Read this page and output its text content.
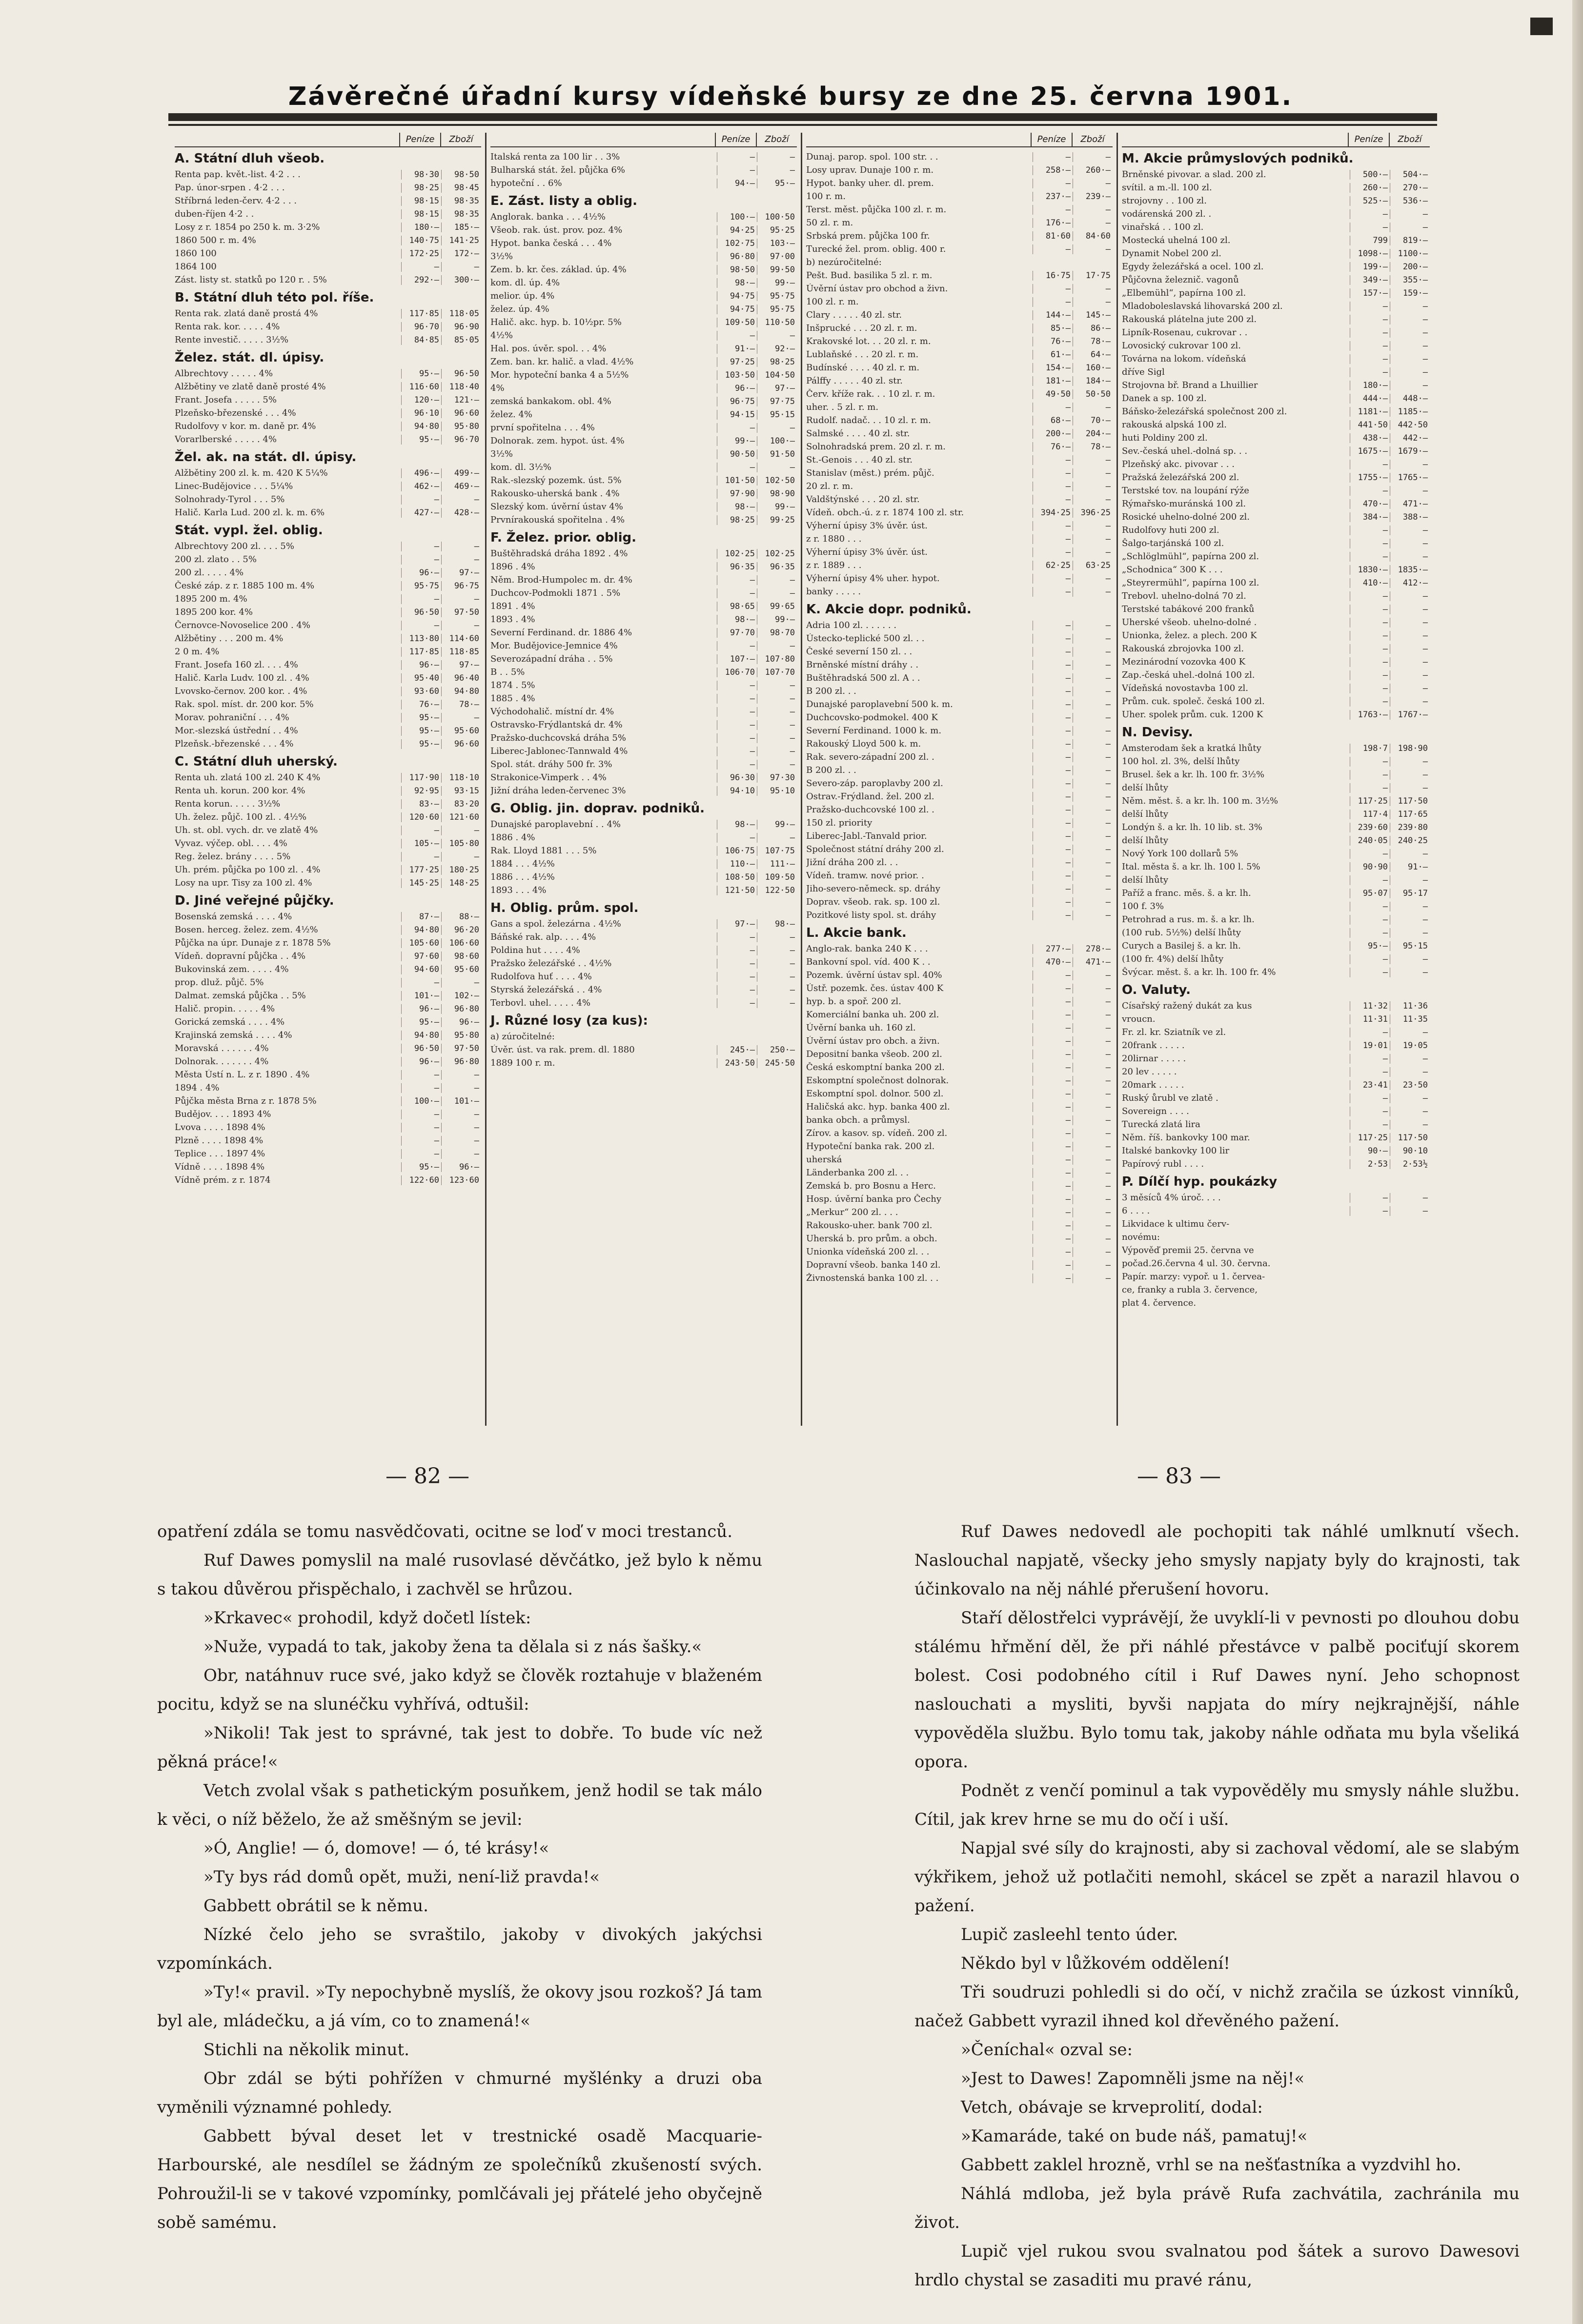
Závěrečné úřadní kursy vídeňské bursy ze dne 25. června 1901.
Peníze	Zboží
A. Státní dluh všeob.
Renta pap. květ.-list. 4·2 . . .	98·30	98·50
Pap. únor-srpen . 4·2 . . .	98·25	98·45
Stříbrná leden-červ. 4·2 . . .	98·15	98·35
duben-říjen 4·2 . .	98·15	98·35
Losy z r. 1854 po 250 k. m. 3·2%	180·—	185·—
1860 500 r. m. 4%	140·75	141·25
1860 100	172·25	172·—
1864 100	—	—
Zást. listy st. statků po 120 r. . 5%	292·—	300·—
B. Státní dluh této pol. říše.
Renta rak. zlatá daně prostá 4%	117·85	118·05
Renta rak. kor. . . . . 4%	96·70	96·90
Rente investič. . . . . 3½%	84·85	85·05
Želez. stát. dl. úpisy.
Albrechtovy . . . . . 4%	95·—	96·50
Alžbětiny ve zlatě daně prosté 4%	116·60	118·40
Frant. Josefa . . . . . 5%	120·—	121·—
Plzeňsko-březenské . . . 4%	96·10	96·60
Rudolfovy v kor. m. daně pr. 4%	94·80	95·80
Vorarlberské . . . . . 4%	95·—	96·70
Žel. ak. na stát. dl. úpisy.
Alžbětiny 200 zl. k. m. 420 K 5¼%	496·—	499·—
Linec-Budějovice . . . 5¼%	462·—	469·—
Solnohrady-Tyrol . . . 5%	—	—
Halič. Karla Lud. 200 zl. k. m. 6%	427·—	428·—
Stát. vypl. žel. oblig.
Albrechtovy 200 zl. . . . 5%	—	—
200 zl. zlato . . 5%	—	—
200 zl. . . . . 4%	96·—	97·—
České záp. z r. 1885 100 m. 4%	95·75	96·75
1895 200 m. 4%	—	—
1895 200 kor. 4%	96·50	97·50
Černovce-Novoselice 200 . 4%	—	—
Alžbětiny . . . 200 m. 4%	113·80	114·60
2 0 m. 4%	117·85	118·85
Frant. Josefa 160 zl. . . . 4%	96·—	97·—
Halič. Karla Ludv. 100 zl. . 4%	95·40	96·40
Lvovsko-černov. 200 kor. . 4%	93·60	94·80
Rak. spol. míst. dr. 200 kor. 5%	76·—	78·—
Morav. pohraniční . . . 4%	95·—	—
Mor.-slezská ústřední . . 4%	95·—	95·60
Plzeňsk.-březenské . . . 4%	95·—	96·60
C. Státní dluh uherský.
Renta uh. zlatá 100 zl. 240 K 4%	117·90	118·10
Renta uh. korun. 200 kor. 4%	92·95	93·15
Renta korun. . . . . 3½%	83·—	83·20
Uh. želez. půjč. 100 zl. . 4½%	120·60	121·60
Uh. st. obl. vych. dr. ve zlatě 4%	—	—
Vyvaz. výčep. obl. . . . 4%	105·—	105·80
Reg. želez. brány . . . . 5%	—	—
Uh. prém. půjčka po 100 zl. . 4%	177·25	180·25
Losy na upr. Tisy za 100 zl. 4%	145·25	148·25
D. Jiné veřejné půjčky.
Bosenská zemská . . . . 4%	87·—	88·—
Bosen. herceg. želez. zem. 4½%	94·80	96·20
Půjčka na úpr. Dunaje z r. 1878 5%	105·60	106·60
Vídeň. dopravní půjčka . . 4%	97·60	98·60
Bukovinská zem. . . . . 4%	94·60	95·60
prop. dluž. půjč. 5%	—	—
Dalmat. zemská půjčka . . 5%	101·—	102·—
Halič. propin. . . . . 4%	96·—	96·80
Gorická zemská . . . . 4%	95·—	96·—
Krajinská zemská . . . . 4%	94·80	95·80
Moravská . . . . . . 4%	96·50	97·50
Dolnorak. . . . . . . 4%	96·—	96·80
Města Ústí n. L. z r. 1890 . 4%	—	—
1894 . 4%	—	—
Půjčka města Brna z r. 1878 5%	100·—	101·—
Budějov. . . . 1893 4%	—	—
Lvova . . . . 1898 4%	—	—
Plzně . . . . 1898 4%	—	—
Teplice . . . 1897 4%	—	—
Vídně . . . . 1898 4%	95·—	96·—
Vídně prém. z r. 1874	122·60	123·60
Peníze	Zboží
Italská renta za 100 lir . . 3%	—	—
Bulharská stát. žel. půjčka 6%	—	—
hypoteční . . 6%	94·—	95·—
E. Zást. listy a oblig.
Anglorak. banka . . . 4½%	100·—	100·50
Všeob. rak. úst. prov. poz. 4%	94·25	95·25
Hypot. banka česká . . . 4%	102·75	103·—
3½%	96·80	97·00
Zem. b. kr. čes. základ. úp. 4%	98·50	99·50
kom. dl. úp. 4%	98·—	99·—
melior. úp. 4%	94·75	95·75
želez. úp. 4%	94·75	95·75
Halič. akc. hyp. b. 10½pr. 5%	109·50	110·50
4½%	—	—
Hal. pos. úvěr. spol. . . 4%	91·—	92·—
Zem. ban. kr. halič. a vlad. 4½%	97·25	98·25
Mor. hypoteční banka 4 a 5½%	103·50	104·50
4%	96·—	97·—
zemská bankakom. obl. 4%	96·75	97·75
želez. 4%	94·15	95·15
první spořitelna . . . 4%	—	—
Dolnorak. zem. hypot. úst. 4%	99·—	100·—
3½%	90·50	91·50
kom. dl. 3½%	—	—
Rak.-slezský pozemk. úst. 5%	101·50	102·50
Rakousko-uherská bank . 4%	97·90	98·90
Slezský kom. úvěrní ústav 4%	98·—	99·—
Prvnírakouská spořitelna . 4%	98·25	99·25
F. Želez. prior. oblig.
Buštěhradská dráha 1892 . 4%	102·25	102·25
1896 . 4%	96·35	96·35
Něm. Brod-Humpolec m. dr. 4%	—	—
Duchcov-Podmokli 1871 . 5%	—	—
1891 . 4%	98·65	99·65
1893 . 4%	98·—	99·—
Severní Ferdinand. dr. 1886 4%	97·70	98·70
Mor. Budějovice-Jemnice 4%	—	—
Severozápadní dráha . . 5%	107·—	107·80
B . . 5%	106·70	107·70
1874 . 5%	—	—
1885 . 4%	—	—
Východohalič. místní dr. 4%	—	—
Ostravsko-Frýdlantská dr. 4%	—	—
Pražsko-duchcovská dráha 5%	—	—
Liberec-Jablonec-Tannwald 4%	—	—
Spol. stát. dráhy 500 fr. 3%	—	—
Strakonice-Vimperk . . 4%	96·30	97·30
Jižní dráha leden-červenec 3%	94·10	95·10
G. Oblig. jin. doprav. podniků.
Dunajské paroplavební . . 4%	98·—	99·—
1886 . 4%	—	—
Rak. Lloyd 1881 . . . 5%	106·75	107·75
1884 . . . 4½%	110·—	111·—
1886 . . . 4½%	108·50	109·50
1893 . . . 4%	121·50	122·50
H. Oblig. prům. spol.
Gans a spol. železárna . 4½%	97·—	98·—
Báňské rak. alp. . . . 4%	—	—
Poldina hut . . . . 4%	—	—
Pražsko železářské . . 4½%	—	—
Rudolfova huť . . . . 4%	—	—
Styrská železářská . . 4%	—	—
Terbovl. uhel. . . . . 4%	—	—
J. Různé losy (za kus):
a) zúročitelné:
Úvěr. úst. va rak. prem. dl. 1880	245·—	250·—
1889 100 r. m.	243·50	245·50
Peníze	Zboží
Dunaj. parop. spol. 100 str. . .	—	—
Losy uprav. Dunaje 100 r. m.	258·—	260·—
Hypot. banky uher. dl. prem.	—	—
100 r. m.	237·—	239·—
Terst. měst. půjčka 100 zl. r. m.	—	—
50 zl. r. m.	176·—	—
Srbská prem. půjčka 100 fr.	81·60	84·60
Turecké žel. prom. oblig. 400 r.	—	—
b) nezúročitelné:
Pešt. Bud. basilika 5 zl. r. m.	16·75	17·75
Úvěrní ústav pro obchod a živn.	—	—
100 zl. r. m.	—	—
Clary . . . . . 40 zl. str.	144·—	145·—
Inšprucké . . . 20 zl. r. m.	85·—	86·—
Krakovské lot. . . 20 zl. r. m.	76·—	78·—
Lublaňské . . . 20 zl. r. m.	61·—	64·—
Budínské . . . . 40 zl. r. m.	154·—	160·—
Pálffy . . . . . 40 zl. str.	181·—	184·—
Červ. kříže rak. . . 10 zl. r. m.	49·50	50·50
uher. . 5 zl. r. m.	—	—
Rudolf. nadač. . . 10 zl. r. m.	68·—	70·—
Salmské . . . . 40 zl. str.	200·—	204·—
Solnohradská prem. 20 zl. r. m.	76·—	78·—
St.-Genois . . . 40 zl. str.	—	—
Stanislav (měst.) prém. půjč.	—	—
20 zl. r. m.	—	—
Valdštýnské . . . 20 zl. str.	—	—
Vídeň. obch.-ú. z r. 1874 100 zl. str.	394·25	396·25
Výherní úpisy 3% úvěr. úst.	—	—
z r. 1880 . . .	—	—
Výherní úpisy 3% úvěr. úst.	—	—
z r. 1889 . . .	62·25	63·25
Výherní úpisy 4% uher. hypot.	—	—
banky . . . . .	—	—
K. Akcie dopr. podniků.
Adria 100 zl. . . . . . .	—	—
Ústecko-teplické 500 zl. . .	—	—
České severní 150 zl. . .	—	—
Brněnské místní dráhy . .	—	—
Buštěhradská 500 zl. A . .	—	—
B 200 zl. . .	—	—
Dunajské paroplavební 500 k. m.	—	—
Duchcovsko-podmokel. 400 K	—	—
Severní Ferdinand. 1000 k. m.	—	—
Rakouský Lloyd 500 k. m.	—	—
Rak. severo-západní 200 zl. .	—	—
B 200 zl. . .	—	—
Severo-záp. paroplavby 200 zl.	—	—
Ostrav.-Frýdland. žel. 200 zl.	—	—
Pražsko-duchcovské 100 zl. .	—	—
150 zl. priority	—	—
Liberec-Jabl.-Tanvald prior.	—	—
Společnost státní dráhy 200 zl.	—	—
Jižní dráha 200 zl. . .	—	—
Vídeň. tramw. nové prior. .	—	—
Jiho-severo-německ. sp. dráhy	—	—
Doprav. všeob. rak. sp. 100 zl.	—	—
Pozitkové listy spol. st. dráhy	—	—
L. Akcie bank.
Anglo-rak. banka 240 K . . .	277·—	278·—
Bankovní spol. víd. 400 K . .	470·—	471·—
Pozemk. úvěrní ústav spl. 40%	—	—
Ústř. pozemk. čes. ústav 400 K	—	—
hyp. b. a spoř. 200 zl.	—	—
Komerciální banka uh. 200 zl.	—	—
Úvěrní banka uh. 160 zl.	—	—
Úvěrní ústav pro obch. a živn.	—	—
Depositní banka všeob. 200 zl.	—	—
Česká eskomptní banka 200 zl.	—	—
Eskomptní společnost dolnorak.	—	—
Eskomptní spol. dolnor. 500 zl.	—	—
Haličská akc. hyp. banka 400 zl.	—	—
banka obch. a průmysl.	—	—
Zírov. a kasov. sp. vídeň. 200 zl.	—	—
Hypoteční banka rak. 200 zl.	—	—
uherská	—	—
Länderbanka 200 zl. . .	—	—
Zemská b. pro Bosnu a Herc.	—	—
Hosp. úvěrní banka pro Čechy	—	—
„Merkur“ 200 zl. . . .	—	—
Rakousko-uher. bank 700 zl.	—	—
Uherská b. pro prům. a obch.	—	—
Unionka vídeňská 200 zl. . .	—	—
Dopravní všeob. banka 140 zl.	—	—
Živnostenská banka 100 zl. . .	—	—
Peníze	Zboží
M. Akcie průmyslových podniků.
Brněnské pivovar. a slad. 200 zl.	500·—	504·—
svítil. a m.-ll. 100 zl.	260·—	270·—
strojovny . . 100 zl.	525·—	536·—
vodárenská 200 zl. .	—	—
vinařská . . 100 zl.	—	—
Mostecká uhelná 100 zl.	799	819·—
Dynamit Nobel 200 zl.	1098·—	1100·—
Egydy železářská a ocel. 100 zl.	199·—	200·—
Půjčovna železnič. vagonů	349·—	355·—
„Elbemühl“, papírna 100 zl.	157·—	159·—
Mladoboleslavská lihovarská 200 zl.	—	—
Rakouská plátelna jute 200 zl.	—	—
Lipník-Rosenau, cukrovar . .	—	—
Lovosický cukrovar 100 zl.	—	—
Továrna na lokom. vídeňská	—	—
dříve Sigl	—	—
Strojovna bř. Brand a Lhuillier	180·—	—
Danek a sp. 100 zl.	444·—	448·—
Báňsko-železářská společnost 200 zl.	1181·—	1185·—
rakouská alpská 100 zl.	441·50	442·50
huti Poldiny 200 zl.	438·—	442·—
Sev.-česká uhel.-dolná sp. . .	1675·—	1679·—
Plzeňský akc. pivovar . . .	—	—
Pražská železářská 200 zl.	1755·—	1765·—
Terstské tov. na loupání rýže	—	—
Rýmařsko-muránská 100 zl.	470·—	471·—
Rosické uhelno-dolné 200 zl.	384·—	388·—
Rudolfovy huti 200 zl.	—	—
Šalgo-tarjánská 100 zl.	—	—
„Schlöglmühl“, papírna 200 zl.	—	—
„Schodnica“ 300 K . . .	1830·—	1835·—
„Steyrermühl“, papírna 100 zl.	410·—	412·—
Trebovl. uhelno-dolná 70 zl.	—	—
Terstské tabákové 200 franků	—	—
Uherské všeob. uhelno-dolné .	—	—
Unionka, želez. a plech. 200 K	—	—
Rakouská zbrojovka 100 zl.	—	—
Mezinárodní vozovka 400 K	—	—
Zap.-česká uhel.-dolná 100 zl.	—	—
Vídeňská novostavba 100 zl.	—	—
Prům. cuk. společ. česká 100 zl.	—	—
Uher. spolek prům. cuk. 1200 K	1763·—	1767·—
N. Devisy.
Amsterodam šek a kratká lhůty	198·7	198·90
100 hol. zl. 3%, delší lhůty	—	—
Brusel. šek a kr. lh. 100 fr. 3½%	—	—
delší lhůty	—	—
Něm. měst. š. a kr. lh. 100 m. 3½%	117·25	117·50
delší lhůty	117·4	117·65
Londýn š. a kr. lh. 10 lib. st. 3%	239·60	239·80
delší lhůty	240·05	240·25
Nový York 100 dollarů 5%	—	—
Ital. města š. a kr. lh. 100 l. 5%	90·90	91·—
delší lhůty	—	—
Paříž a franc. měs. š. a kr. lh.	95·07	95·17
100 f. 3%	—	—
Petrohrad a rus. m. š. a kr. lh.	—	—
(100 rub. 5½%) delší lhůty	—	—
Curych a Basilej š. a kr. lh.	95·—	95·15
(100 fr. 4%) delší lhůty	—	—
Švýcar. měst. š. a kr. lh. 100 fr. 4%	—	—
O. Valuty.
Císařský ražený dukát za kus	11·32	11·36
vroucn.	11·31	11·35
Fr. zl. kr. Sziatník ve zl.	—	—
20frank . . . . .	19·01	19·05
20lirnar . . . . .	—	—
20 lev . . . . .	—	—
20mark . . . . .	23·41	23·50
Ruský ůrubl ve zlatě .	—	—
Sovereign . . . .	—	—
Turecká zlatá lira	—	—
Něm. říš. bankovky 100 mar.	117·25	117·50
Italské bankovky 100 lir	90·—	90·10
Papírový rubl . . . .	2·53	2·53½
P. Dílčí hyp. poukázky
3 měsíců 4% úroč. . . .	—	—
6 . . . .	—	—
Likvidace k ultimu červ-
novému:
Výpověď premii 25. června ve
počad.26.června 4 ul. 30. června.
Papír. marzy: vypoř. u 1. červea-
ce, franky a rubla 3. července,
plat 4. července.
— 82 —	— 83 —

opatření zdála se tomu nasvědčovati, ocitne se loď v moci trestanců.

Ruf Dawes pomyslil na malé rusovlasé děvčátko, jež bylo k němu s takou důvěrou přispěchalo, i zachvěl se hrůzou.

»Krkavec« prohodil, když dočetl lístek:

»Nuže, vypadá to tak, jakoby žena ta dělala si z nás šašky.«

Obr, natáhnuv ruce své, jako když se člověk roztahuje v blaženém pocitu, když se na slunéčku vyhřívá, odtušil:

»Nikoli! Tak jest to správné, tak jest to dobře. To bude víc než pěkná práce!«

Vetch zvolal však s pathetickým posuňkem, jenž hodil se tak málo k věci, o níž běželo, že až směšným se jevil:

»Ó, Anglie! — ó, domove! — ó, té krásy!«

»Ty bys rád domů opět, muži, není-liž pravda!«

Gabbett obrátil se k němu.

Nízké čelo jeho se svraštilo, jakoby v divokých jakýchsi vzpomínkách.

»Ty!« pravil. »Ty nepochybně myslíš, že okovy jsou rozkoš? Já tam byl ale, mládečku, a já vím, co to znamená!«

Stichli na několik minut.

Obr zdál se býti pohřížen v chmurné myšlénky a druzi oba vyměnili významné pohledy.

Gabbett býval deset let v trestnické osadě Macquarie-Harbourské, ale nesdílel se žádným ze společníků zkušeností svých. Pohroužil-li se v takové vzpomínky, pomlčávali jej přátelé jeho obyčejně sobě samému.

Ruf Dawes nedovedl ale pochopiti tak náhlé umlknutí všech. Naslouchal napjatě, všecky jeho smysly napjaty byly do krajnosti, tak účinkovalo na něj náhlé přerušení hovoru.

Staří dělostřelci vyprávějí, že uvyklí-li v pevnosti po dlouhou dobu stálému hřmění děl, že při náhlé přestávce v palbě pociťují skorem bolest. Cosi podobného cítil i Ruf Dawes nyní. Jeho schopnost naslouchati a mysliti, byvši napjata do míry nejkrajnější, náhle vypověděla službu. Bylo tomu tak, jakoby náhle odňata mu byla všeliká opora.

Podnět z venčí pominul a tak vypověděly mu smysly náhle službu. Cítil, jak krev hrne se mu do očí i uší.

Napjal své síly do krajnosti, aby si zachoval vědomí, ale se slabým výkřikem, jehož už potlačiti nemohl, skácel se zpět a narazil hlavou o pažení.

Lupič zasleehl tento úder.

Někdo byl v lůžkovém oddělení!

Tři soudruzi pohledli si do očí, v nichž zračila se úzkost vinníků, načež Gabbett vyrazil ihned kol dřevěného pažení.

»Čeníchal« ozval se:

»Jest to Dawes! Zapomněli jsme na něj!«

Vetch, obávaje se krveprolití, dodal:

»Kamaráde, také on bude náš, pamatuj!«

Gabbett zaklel hrozně, vrhl se na nešťastníka a vyzdvihl ho.

Náhlá mdloba, jež byla právě Rufa zachvátila, zachránila mu život.

Lupič vjel rukou svou svalnatou pod šátek a surovo Dawesovi hrdlo chystal se zasaditi mu pravé ránu,
